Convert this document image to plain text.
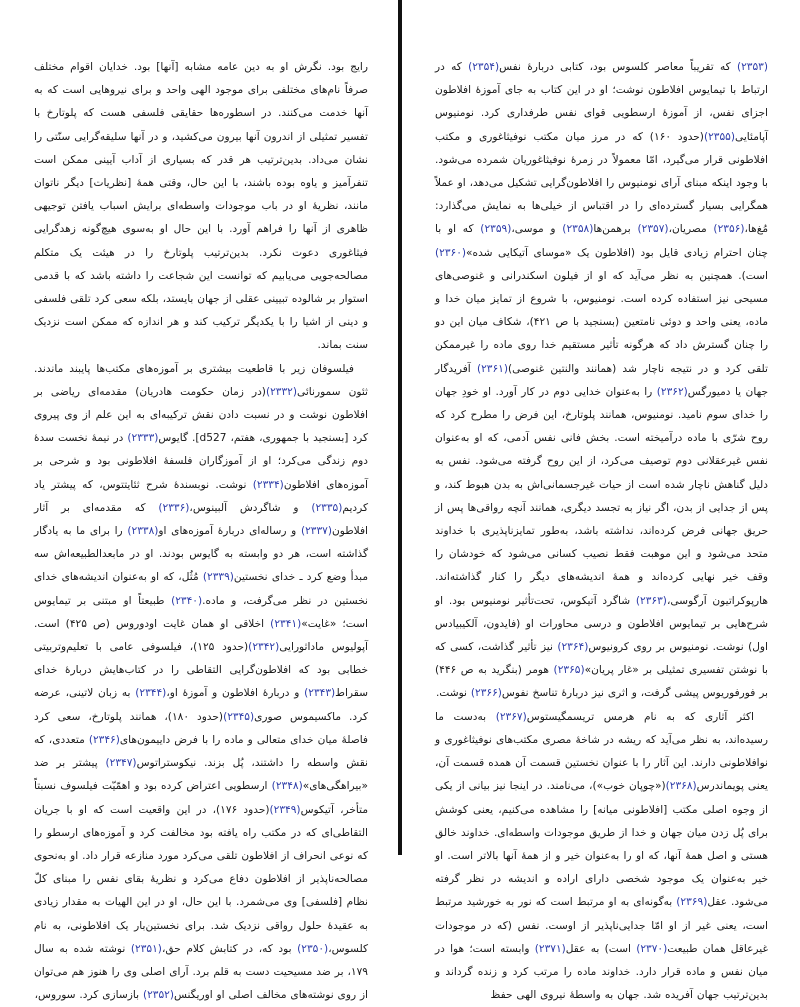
رایج بود. نگرش او به دین عامه مشابه [آنها] بود. خدایان اقوام مختلف صرفاً نام‌های مختلفی برای موجود الهی واحد و برای نیروهایی است که به آنها خدمت می‌کنند. در اسطوره‌ها حقایقی فلسفی هست که پلوتارخ با تفسیر تمثیلی از اندرون آنها بیرون می‌کشید، و در آنها سلیقه‌گرایی سنّتی را نشان می‌داد. بدین‌ترتیب هر قدر که بسیاری از آداب آیینی ممکن است تنفرآمیز و یاوه بوده باشند، با این حال، وقتی همهٔ [نظریات] دیگر ناتوان مانند، نظریهٔ او در باب موجودات واسطه‌ای برایش اسباب یافتن توجیهی ظاهری از آنها را فراهم آورد. با این حال او به‌سوی هیچ‌گونه زهدگرایی فیثاغوری دعوت نکرد. بدین‌ترتیب پلوتارخ را در هیئت یک متکلم مصالحه‌جویی می‌یابیم که توانست این شجاعت را داشته باشد که با قدمی استوار بر شالوده تبیینی عقلی از جهان بایستد، بلکه سعی کرد تلقی فلسفی و دینی از اشیا را با یکدیگر ترکیب کند و هر اندازه که ممکن است نزدیک سنت بماند.

فیلسوفان زیر با قاطعیت بیشتری بر آموزه‌های مکتب‌ها پایبند ماندند. ثئون سمورنائی(۲۳۳۲)(در زمان حکومت هادریان) مقدمه‌ای ریاضی بر افلاطون نوشت و در نسبت دادن نقش ترکیبه‌ای به این علم از وی پیروی کرد [بسنجید با جمهوری، هفتم، d527]. گایوس(۲۳۳۳) در نیمهٔ نخست سدهٔ دوم زندگی می‌کرد؛ او از آموزگاران فلسفهٔ افلاطونی بود و شرحی بر آموزه‌های افلاطون(۲۳۳۴) نوشت. نوبسندهٔ شرح ثئایتتوس، که پیشتر یاد کردیم(۲۳۳۵) و شاگردش آلبینوس،(۲۳۳۶) که مقدمه‌ای بر آثار افلاطون(۲۳۳۷) و رساله‌ای دربارهٔ آموزه‌های او(۲۳۳۸) را برای ما به یادگار گذاشته است، هر دو وابسته به گایوس بودند. او در مابعدالطبیعه‌اش سه مبدأ وضع کرد ـ خدای نخستین(۲۳۳۹) مُثُل، که او به‌عنوان اندیشه‌های خدای نخستین در نظر می‌گرفت، و ماده.(۲۳۴۰) طبیعتاً او مبتنی بر تیمایوس است؛ «غایت»(۲۳۴۱) اخلاقی او همان غایت اودوروس (ص ۴۲۵) است. آپولیوس ماداثورایی(۲۳۴۲)(حدود ۱۲۵)، فیلسوفی عامی با تعلیم‌وتربیتی خطابی بود که افلاطون‌گرایی التقاطی را در کتاب‌هایش دربارهٔ خدای سقراط(۲۳۴۳) و دربارهٔ افلاطون و آموزهٔ او،(۲۳۴۴) به زبان لاتینی، عرضه کرد. ماکسیموس صوری(۲۳۴۵)(حدود ۱۸۰)، همانند پلوتارخ، سعی کرد فاصلهٔ میان خدای متعالی و ماده را با فرض داییمون‌های(۲۳۴۶) متعددی، که نقش واسطه را داشتند، پُل بزند. نیکوستراتوس(۲۳۴۷) پیشتر بر ضد «بیراهگی‌های»(۲۳۴۸) ارسطویی اعتراض کرده بود و اهمّیّت فیلسوف نسبتاً متأخر، آتیکوس(۲۳۴۹)(حدود ۱۷۶)، در این واقعیت است که او با جریان التقاطی‌ای که در مکتب راه یافته بود مخالفت کرد و آموزه‌های ارسطو را که نوعی انحراف از افلاطون تلقی می‌کرد مورد منازعه قرار داد. او به‌نحوی مصالحه‌ناپذیر از افلاطون دفاع می‌کرد و نظریهٔ بقای نفس را مبنای کلّ نظام [فلسفی] وی می‌شمرد. با این حال، او در این الهیات به مقدار زیادی به عقیدهٔ حلول رواقی نزدیک شد. برای نخستین‌بار یک افلاطونی، به نام کلسوس،(۲۳۵۰) بود که، در کتابش کلام حق،(۲۳۵۱) نوشته شده به سال ۱۷۹، بر ضد مسیحیت دست به قلم برد. آرای اصلی وی را هنوز هم می‌توان از روی نوشته‌های مخالف اصلی او اوریگنس(۲۳۵۲) بازسازی کرد. سوروس،

(۲۳۵۳) که تقریباً معاصر کلسوس بود، کتابی دربارهٔ نفس(۲۳۵۴) که در ارتباط با تیمایوس افلاطون نوشت؛ او در این کتاب به جای آموزهٔ افلاطون اجزای نفس، از آموزهٔ ارسطویی قوای نفس طرفداری کرد. نومنیوس آپامئایی(۲۳۵۵)(حدود ۱۶۰) که در مرز میان مکتب نوفیثاغوری و مکتب افلاطونی قرار می‌گیرد، امّا معمولاً در زمرهٔ نوفیثاغوریان شمرده می‌شود. با وجود اینکه مبنای آرای نومنیوس را افلاطون‌گرایی تشکیل می‌دهد، او عملاً همگرایی بسیار گسترده‌ای را در اقتباس از خیلی‌ها به نمایش می‌گذارد: مُغ‌ها،(۲۳۵۶) مصریان،(۲۳۵۷) برهمن‌ها(۲۳۵۸) و موسی،(۲۳۵۹) که او با چنان احترام زیادی قایل بود (افلاطون یک «موسای آتیکایی شده»(۲۳۶۰) است). همچنین به نظر می‌آید که او از فیلون اسکندرانی و غنوصی‌های مسیحی نیز استفاده کرده است. نومنیوس، با شروع از تمایز میان خدا و ماده، یعنی واحد و دوئی نامتعین (بسنجید با ص ۴۲۱)، شکاف میان این دو را چنان گسترش داد که هرگونه تأثیر مستقیم خدا روی ماده را غیرممکن تلقی کرد و در نتیجه ناچار شد (همانند والنتین غنوصی)(۲۳۶۱) آفریدگار جهان یا دمیورگس(۲۳۶۲) را به‌عنوان خدایی دوم در کار آورد. او خودِ جهان را خدای سوم نامید. نومنیوس، همانند پلوتارخ، این فرض را مطرح کرد که روح شرّی با ماده درآمیخته است. بخش فانی نفس آدمی، که او به‌عنوان نفس غیرعقلانی دوم توصیف می‌کرد، از این روح گرفته می‌شود. نفس به دلیل گناهش ناچار شده است از حیات غیرجسمانی‌اش به بدن هبوط کند، و پس از جدایی از بدن، اگر نیاز به تجسد دیگری، همانند آنچه رواقی‌ها پس از حریق جهانی فرض کرده‌اند، نداشته باشد، به‌طور تمایزناپذیری با خداوند متحد می‌شود و این موهبت فقط نصیب کسانی می‌شود که خودشان را وقف خیر نهایی کرده‌اند و همهٔ اندیشه‌های دیگر را کنار گذاشته‌اند. هارپوکراتیون آرگوسی،(۲۳۶۳) شاگرد آتیکوس، تحت‌تأثیر نومنیوس بود. او شرح‌هایی بر تیمایوس افلاطون و درسی محاورات او (فایدون، آلکیبیادس اول) نوشت. نومنیوس بر روی کرونیوس(۲۳۶۴) نیز تأثیر گذاشت، کسی که با نوشتن تفسیری تمثیلی بر «غار پریان»(۲۳۶۵) هومر (بنگرید به ص ۴۴۶) بر فورفوریوس پیشی گرفت، و اثری نیز دربارهٔ تناسخ نفوس(۲۳۶۶) نوشت.

اکثر آثاری که به نام هرمس تریسمگیستوس(۲۳۶۷) به‌دست ما رسیده‌اند، به نظر می‌آید که ریشه در شاخهٔ مصری مکتب‌های نوفیثاغوری و نوافلاطونی دارند. این آثار را با عنوان نخستین قسمت آن همده قسمت آن، یعنی پویماندرس(۲۳۶۸)(«چوپان خوب»)، می‌نامند. در اینجا نیز بیانی از یکی از وجوه اصلی مکتب [افلاطونی میانه] را مشاهده می‌کنیم، یعنی کوشش برای پُل زدن میان جهان و خدا از طریق موجودات واسطه‌ای. خداوند خالق هستی و اصل همهٔ آنها، که او را به‌عنوان خیر و از همهٔ آنها بالاتر است. او خیر به‌عنوان یک موجود شخصی دارای اراده و اندیشه در نظر گرفته می‌شود. عقل(۲۳۶۹) به‌گونه‌ای به او مرتبط است که نور به خورشید مرتبط است، یعنی غیر از او امّا جدایی‌ناپذیر از اوست. نفس (که در موجودات غیرعاقل همان طبیعت(۲۳۷۰) است) به عقل(۲۳۷۱) وابسته است؛ هوا در میان نفس و ماده قرار دارد. خداوند ماده را مرتب کرد و زنده گرداند و بدین‌ترتیب جهان آفریده شد. جهان به واسطهٔ نیروی الهی حفظ
